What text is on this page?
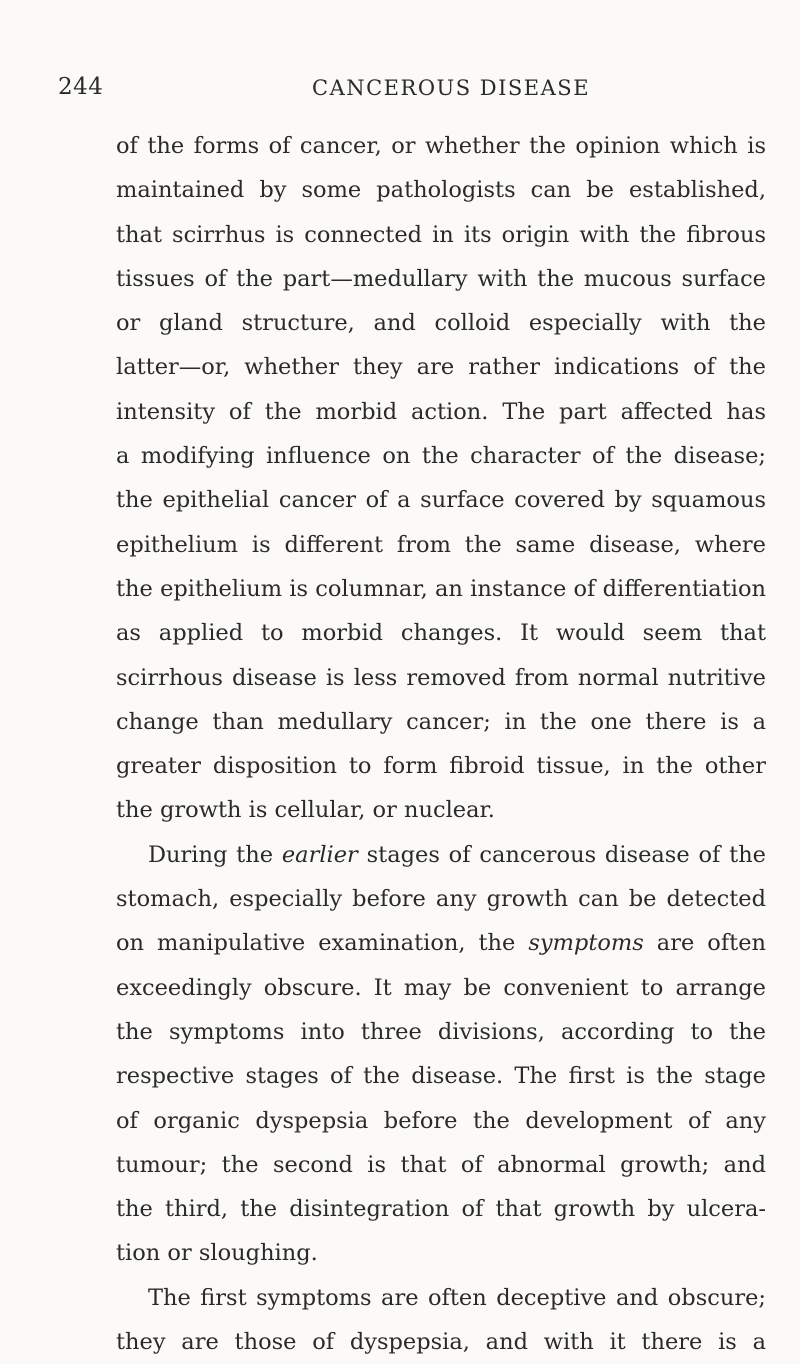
244	CANCEROUS DISEASE
of the forms of cancer, or whether the opinion which is
maintained by some pathologists can be established,
that scirrhus is connected in its origin with the fibrous
tissues of the part—medullary with the mucous surface
or gland structure, and colloid especially with the
latter—or, whether they are rather indications of the
intensity of the morbid action. The part affected has
a modifying influence on the character of the disease;
the epithelial cancer of a surface covered by squamous
epithelium is different from the same disease, where
the epithelium is columnar, an instance of differentiation
as applied to morbid changes. It would seem that
scirrhous disease is less removed from normal nutritive
change than medullary cancer; in the one there is a
greater disposition to form fibroid tissue, in the other
the growth is cellular, or nuclear.
During the earlier stages of cancerous disease of the
stomach, especially before any growth can be detected
on manipulative examination, the symptoms are often
exceedingly obscure. It may be convenient to arrange
the symptoms into three divisions, according to the
respective stages of the disease. The first is the stage
of organic dyspepsia before the development of any
tumour; the second is that of abnormal growth; and
the third, the disintegration of that growth by ulcera-
tion or sloughing.
The first symptoms are often deceptive and obscure;
they are those of dyspepsia, and with it there is a
